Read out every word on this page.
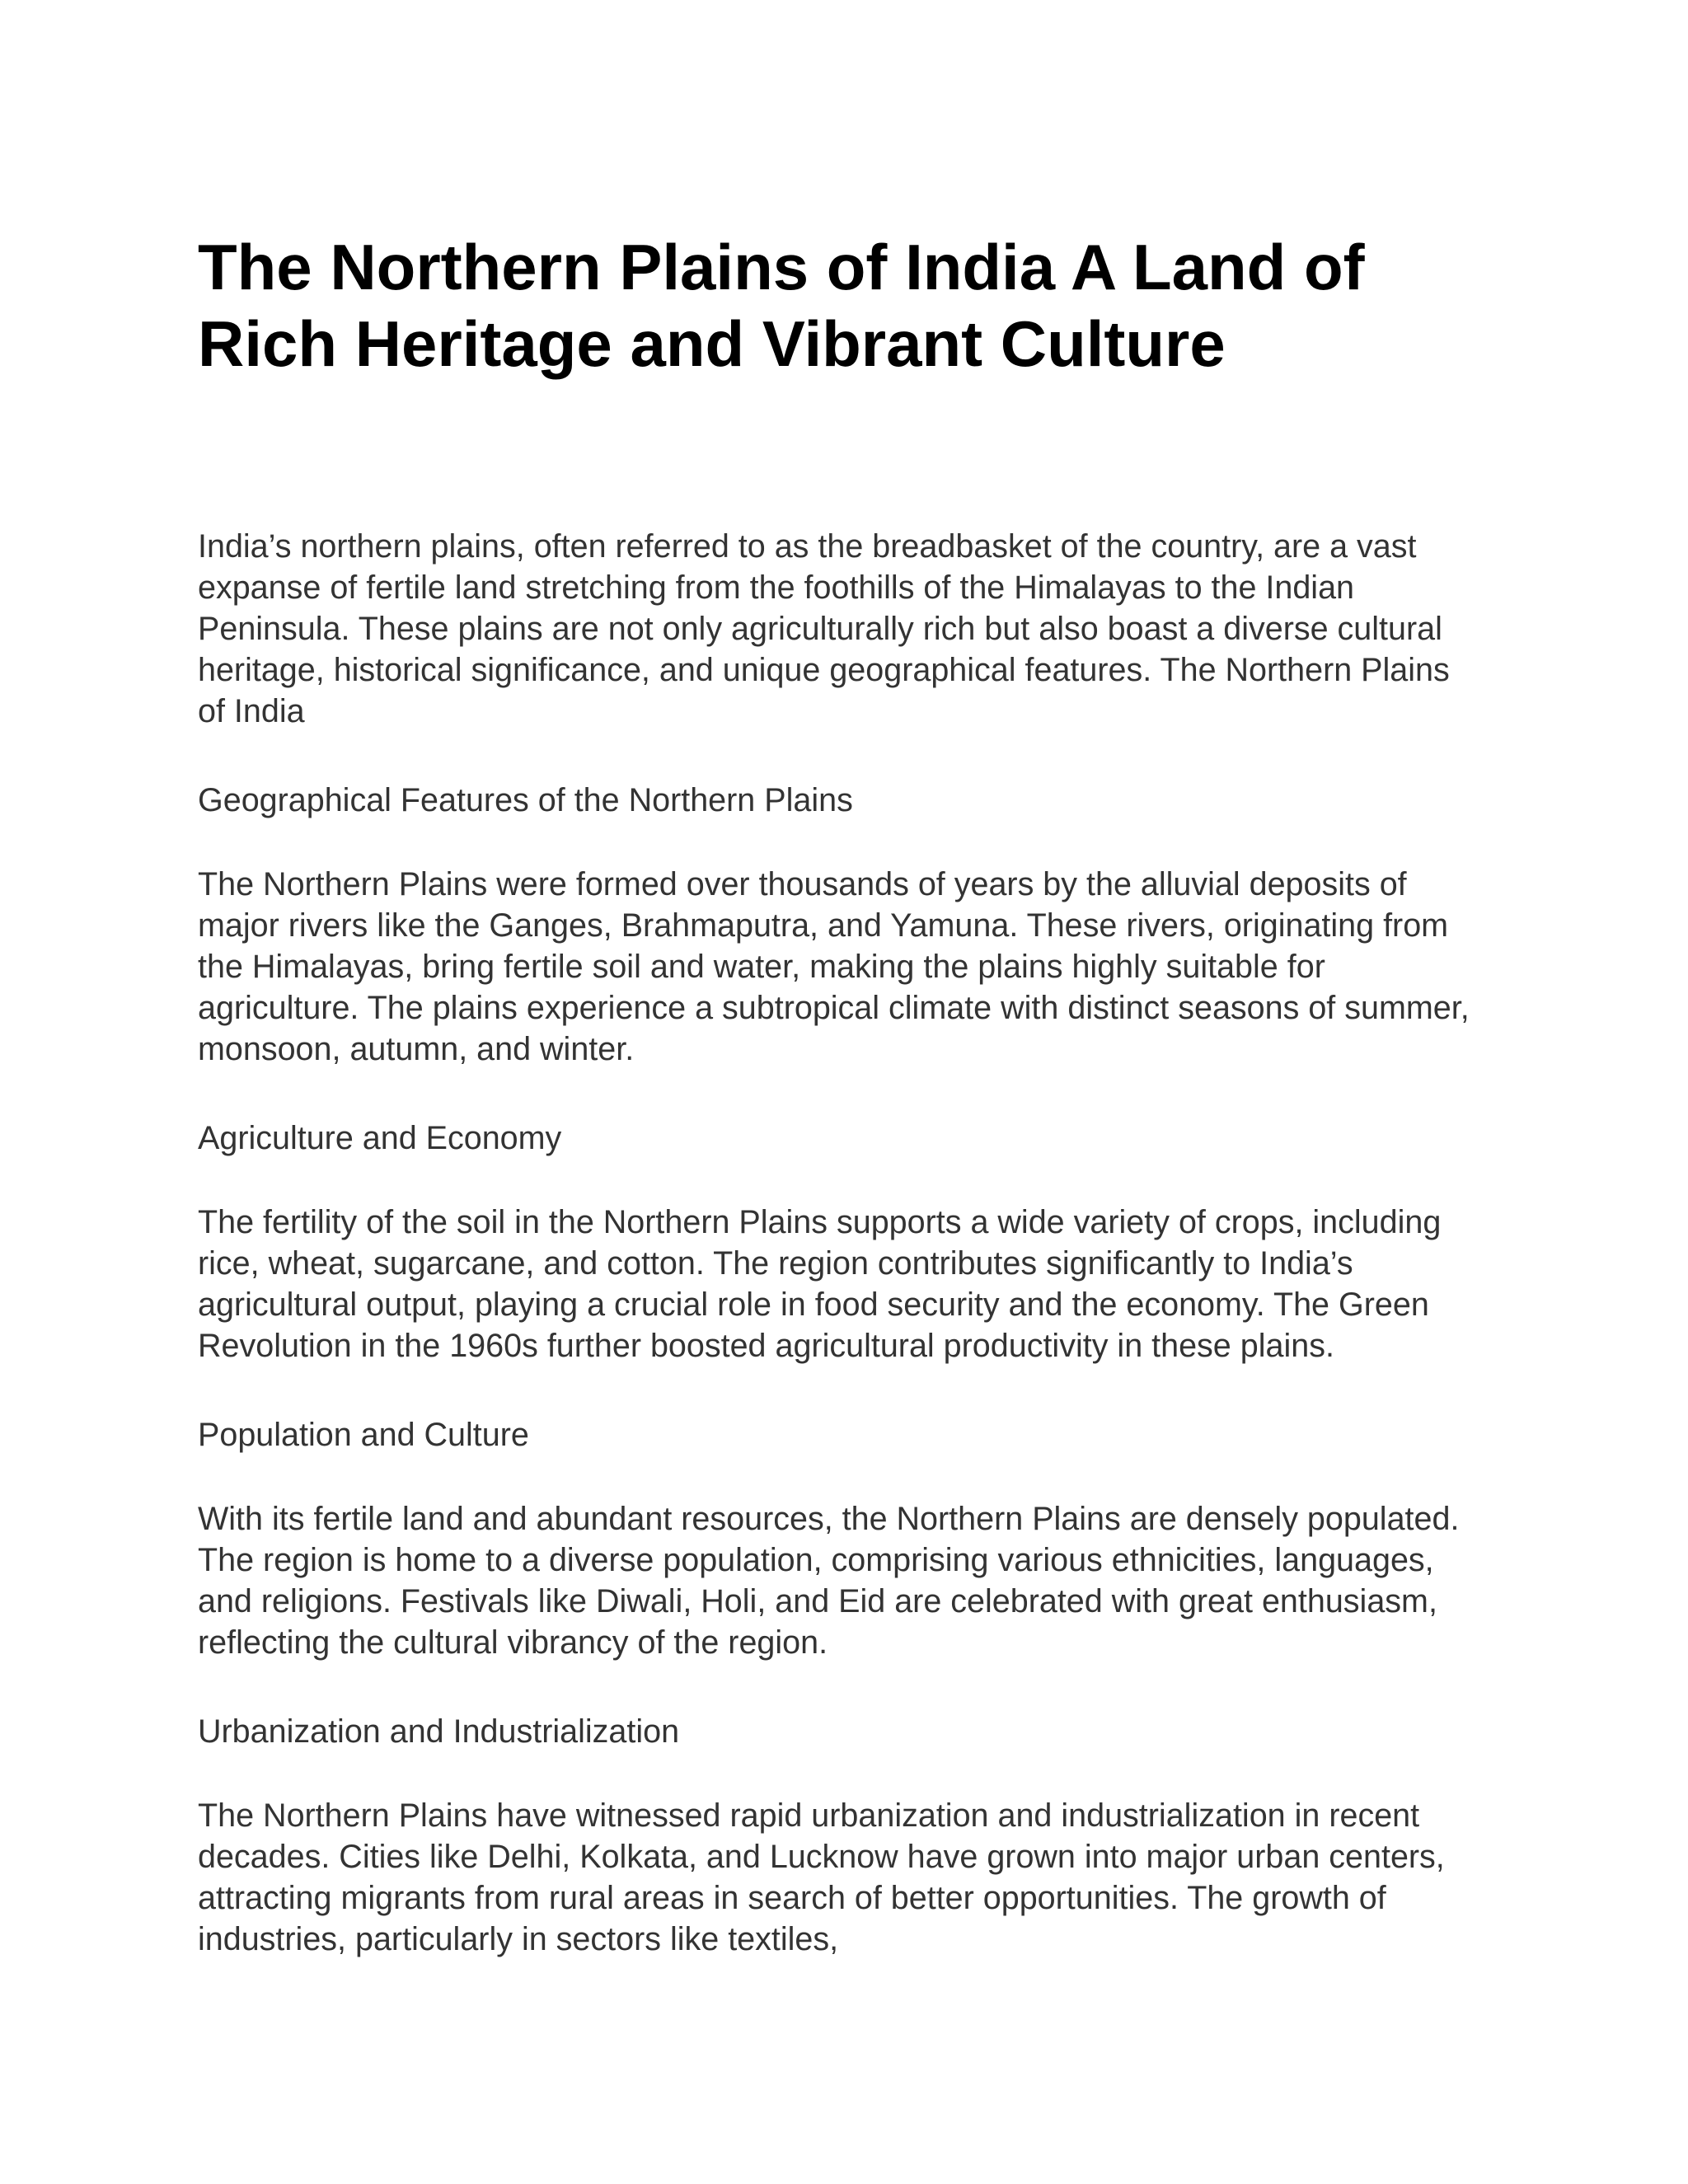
The Northern Plains of India A Land of Rich Heritage and Vibrant Culture

India’s northern plains, often referred to as the breadbasket of the country, are a vast expanse of fertile land stretching from the foothills of the Himalayas to the Indian Peninsula. These plains are not only agriculturally rich but also boast a diverse cultural heritage, historical significance, and unique geographical features. The Northern Plains of India

Geographical Features of the Northern Plains

The Northern Plains were formed over thousands of years by the alluvial deposits of major rivers like the Ganges, Brahmaputra, and Yamuna. These rivers, originating from the Himalayas, bring fertile soil and water, making the plains highly suitable for agriculture. The plains experience a subtropical climate with distinct seasons of summer, monsoon, autumn, and winter.

Agriculture and Economy

The fertility of the soil in the Northern Plains supports a wide variety of crops, including rice, wheat, sugarcane, and cotton. The region contributes significantly to India’s agricultural output, playing a crucial role in food security and the economy. The Green Revolution in the 1960s further boosted agricultural productivity in these plains.

Population and Culture

With its fertile land and abundant resources, the Northern Plains are densely populated. The region is home to a diverse population, comprising various ethnicities, languages, and religions. Festivals like Diwali, Holi, and Eid are celebrated with great enthusiasm, reflecting the cultural vibrancy of the region.

Urbanization and Industrialization

The Northern Plains have witnessed rapid urbanization and industrialization in recent decades. Cities like Delhi, Kolkata, and Lucknow have grown into major urban centers, attracting migrants from rural areas in search of better opportunities. The growth of industries, particularly in sectors like textiles,
